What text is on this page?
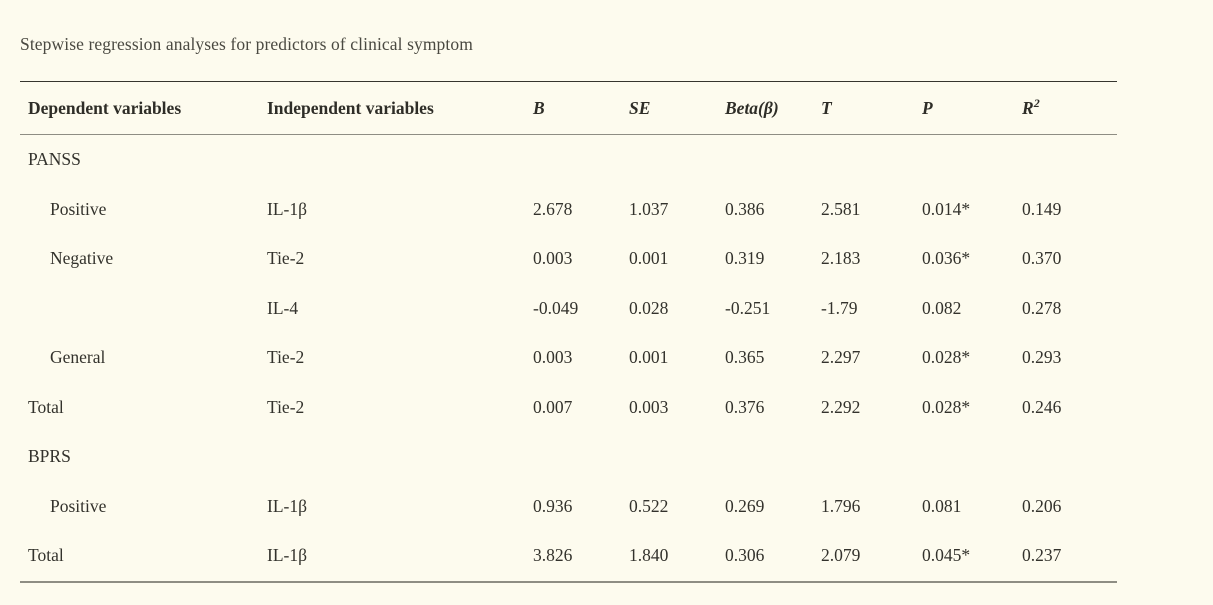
Stepwise regression analyses for predictors of clinical symptom
Dependent variables	Independent variables	B	SE	Beta(β)	T	P	$R^2$
PANSS							
Positive	IL-1β	2.678	1.037	0.386	2.581	0.014*	0.149
Negative	Tie-2	0.003	0.001	0.319	2.183	0.036*	0.370
	IL-4	-0.049	0.028	-0.251	-1.79	0.082	0.278
General	Tie-2	0.003	0.001	0.365	2.297	0.028*	0.293
Total	Tie-2	0.007	0.003	0.376	2.292	0.028*	0.246
BPRS							
Positive	IL-1β	0.936	0.522	0.269	1.796	0.081	0.206
Total	IL-1β	3.826	1.840	0.306	2.079	0.045*	0.237
